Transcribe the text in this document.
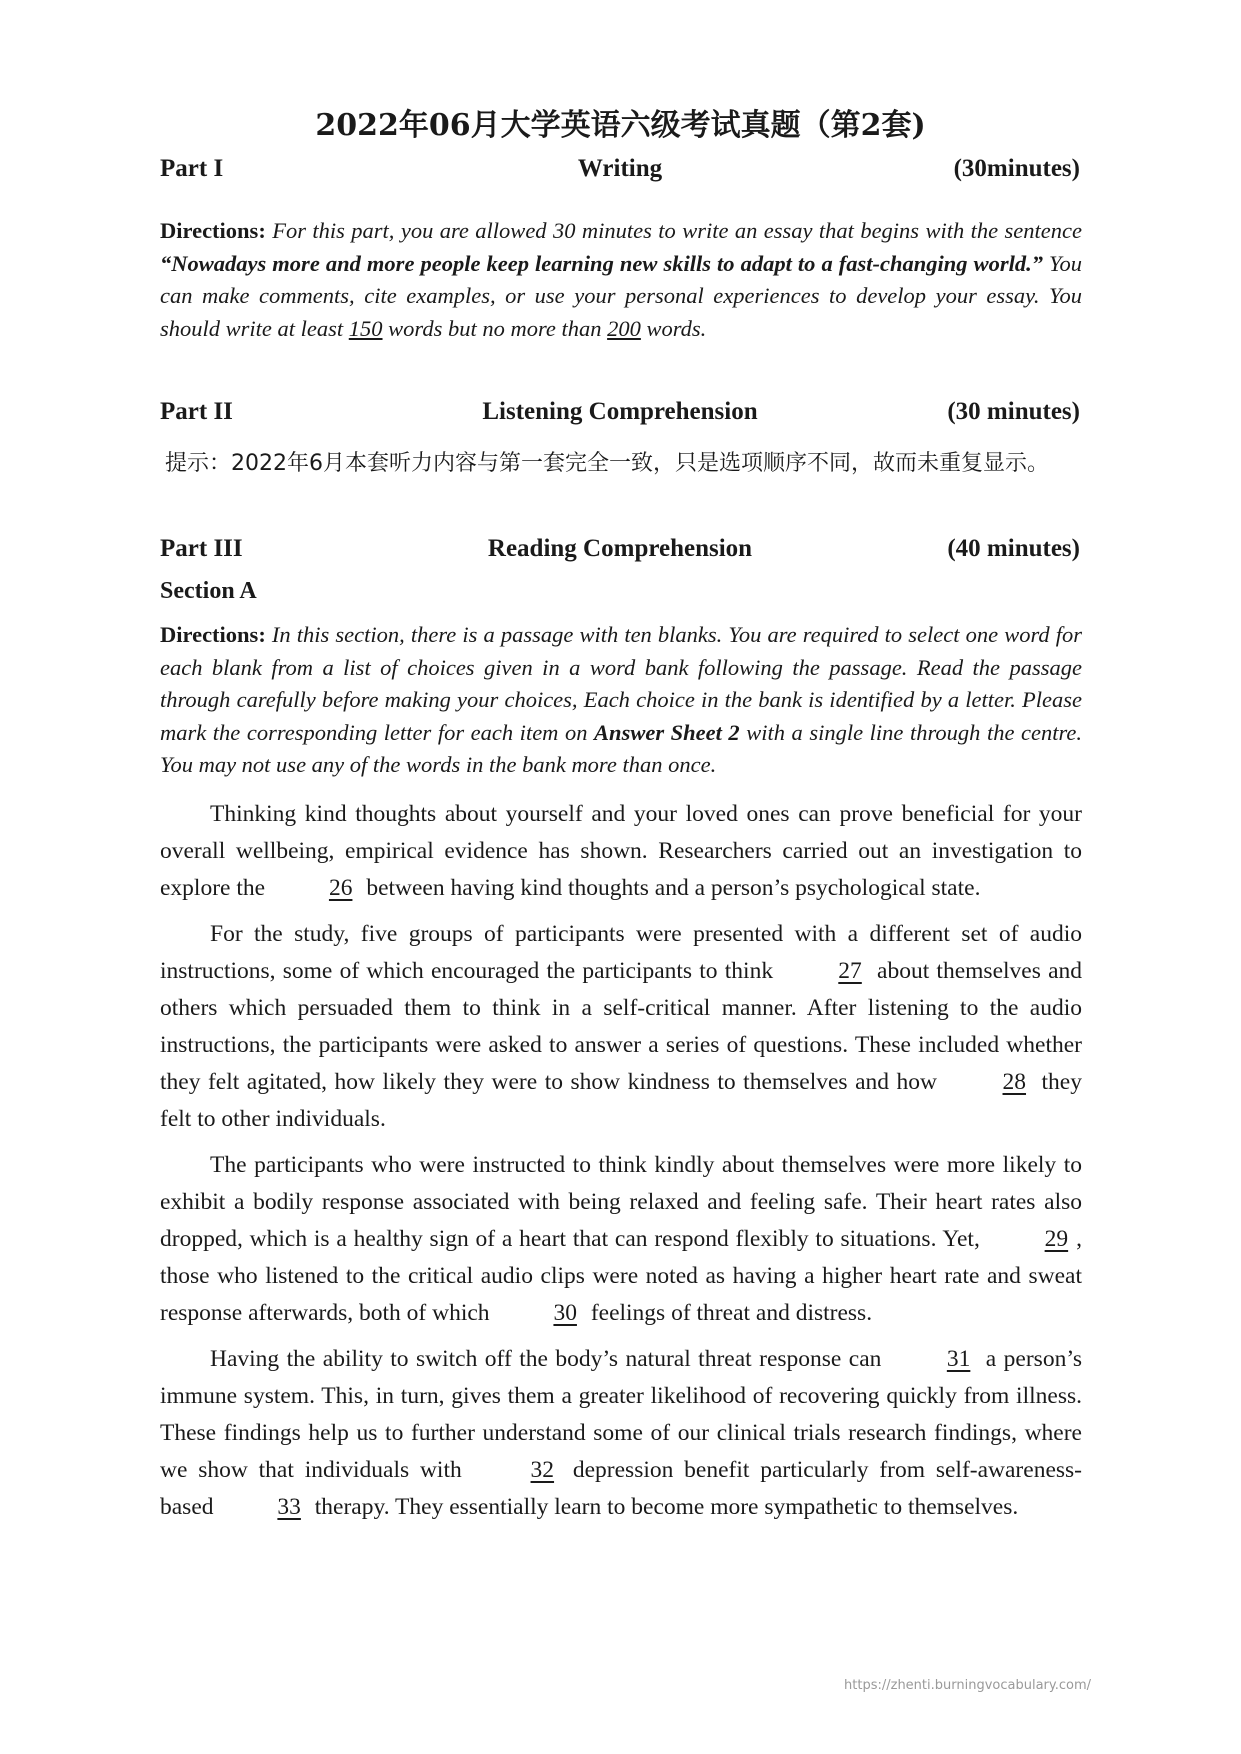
2022年06月大学英语六级考试真题（第2套)
Part I	Writing	(30minutes)
Directions: For this part, you are allowed 30 minutes to write an essay that begins with the sentence “Nowadays more and more people keep learning new skills to adapt to a fast-changing world.” You can make comments, cite examples, or use your personal experiences to develop your essay. You should write at least 150 words but no more than 200 words.
Part II	Listening Comprehension	(30 minutes)
提示：2022年6月本套听力内容与第一套完全一致，只是选项顺序不同，故而未重复显示。
Part III	Reading Comprehension	(40 minutes)
Section A
Directions: In this section, there is a passage with ten blanks. You are required to select one word for each blank from a list of choices given in a word bank following the passage. Read the passage through carefully before making your choices, Each choice in the bank is identified by a letter. Please mark the corresponding letter for each item on Answer Sheet 2 with a single line through the centre. You may not use any of the words in the bank more than once.

Thinking kind thoughts about yourself and your loved ones can prove beneficial for your overall wellbeing, empirical evidence has shown. Researchers carried out an investigation to explore the 26 between having kind thoughts and a person’s psychological state.

For the study, five groups of participants were presented with a different set of audio instructions, some of which encouraged the participants to think 27 about themselves and others which persuaded them to think in a self-critical manner. After listening to the audio instructions, the participants were asked to answer a series of questions. These included whether they felt agitated, how likely they were to show kindness to themselves and how 28 they felt to other individuals.

The participants who were instructed to think kindly about themselves were more likely to exhibit a bodily response associated with being relaxed and feeling safe. Their heart rates also dropped, which is a healthy sign of a heart that can respond flexibly to situations. Yet, 29 , those who listened to the critical audio clips were noted as having a higher heart rate and sweat response afterwards, both of which 30 feelings of threat and distress.

Having the ability to switch off the body’s natural threat response can 31 a person’s immune system. This, in turn, gives them a greater likelihood of recovering quickly from illness. These findings help us to further understand some of our clinical trials research findings, where we show that individuals with 32 depression benefit particularly from self-awareness-based 33 therapy. They essentially learn to become more sympathetic to themselves.

https://zhenti.burningvocabulary.com/
